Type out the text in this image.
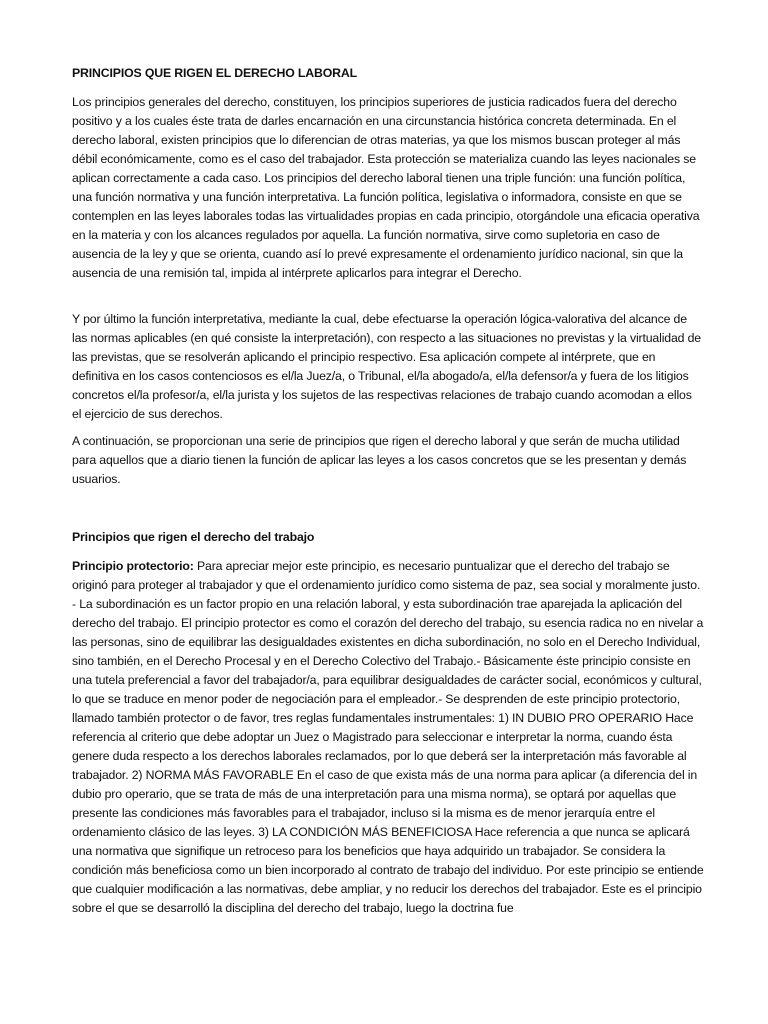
PRINCIPIOS QUE RIGEN EL DERECHO LABORAL

Los principios generales del derecho, constituyen, los principios superiores de justicia radicados fuera del derecho positivo y a los cuales éste trata de darles encarnación en una circunstancia histórica concreta determinada. En el derecho laboral, existen principios que lo diferencian de otras materias, ya que los mismos buscan proteger al más débil económicamente, como es el caso del trabajador. Esta protección se materializa cuando las leyes nacionales se aplican correctamente a cada caso. Los principios del derecho laboral tienen una triple función: una función política, una función normativa y una función interpretativa. La función política, legislativa o informadora, consiste en que se contemplen en las leyes laborales todas las virtualidades propias en cada principio, otorgándole una eficacia operativa en la materia y con los alcances regulados por aquella. La función normativa, sirve como supletoria en caso de ausencia de la ley y que se orienta, cuando así lo prevé expresamente el ordenamiento jurídico nacional, sin que la ausencia de una remisión tal, impida al intérprete aplicarlos para integrar el Derecho.

Y por último la función interpretativa, mediante la cual, debe efectuarse la operación lógica-valorativa del alcance de las normas aplicables (en qué consiste la interpretación), con respecto a las situaciones no previstas y la virtualidad de las previstas, que se resolverán aplicando el principio respectivo. Esa aplicación compete al intérprete, que en definitiva en los casos contenciosos es el/la Juez/a, o Tribunal, el/la abogado/a, el/la defensor/a y fuera de los litigios concretos el/la profesor/a, el/la jurista y los sujetos de las respectivas relaciones de trabajo cuando acomodan a ellos el ejercicio de sus derechos.

A continuación, se proporcionan una serie de principios que rigen el derecho laboral y que serán de mucha utilidad para aquellos que a diario tienen la función de aplicar las leyes a los casos concretos que se les presentan y demás usuarios.

Principios que rigen el derecho del trabajo

Principio protectorio: Para apreciar mejor este principio, es necesario puntualizar que el derecho del trabajo se originó para proteger al trabajador y que el ordenamiento jurídico como sistema de paz, sea social y moralmente justo. - La subordinación es un factor propio en una relación laboral, y esta subordinación trae aparejada la aplicación del derecho del trabajo. El principio protector es como el corazón del derecho del trabajo, su esencia radica no en nivelar a las personas, sino de equilibrar las desigualdades existentes en dicha subordinación, no solo en el Derecho Individual, sino también, en el Derecho Procesal y en el Derecho Colectivo del Trabajo.- Básicamente éste principio consiste en una tutela preferencial a favor del trabajador/a, para equilibrar desigualdades de carácter social, económicos y cultural, lo que se traduce en menor poder de negociación para el empleador.- Se desprenden de este principio protectorio, llamado también protector o de favor, tres reglas fundamentales instrumentales: 1) IN DUBIO PRO OPERARIO Hace referencia al criterio que debe adoptar un Juez o Magistrado para seleccionar e interpretar la norma, cuando ésta genere duda respecto a los derechos laborales reclamados, por lo que deberá ser la interpretación más favorable al trabajador. 2) NORMA MÁS FAVORABLE En el caso de que exista más de una norma para aplicar (a diferencia del in dubio pro operario, que se trata de más de una interpretación para una misma norma), se optará por aquellas que presente las condiciones más favorables para el trabajador, incluso si la misma es de menor jerarquía entre el ordenamiento clásico de las leyes. 3) LA CONDICIÓN MÁS BENEFICIOSA Hace referencia a que nunca se aplicará una normativa que signifique un retroceso para los beneficios que haya adquirido un trabajador. Se considera la condición más beneficiosa como un bien incorporado al contrato de trabajo del individuo. Por este principio se entiende que cualquier modificación a las normativas, debe ampliar, y no reducir los derechos del trabajador. Este es el principio sobre el que se desarrolló la disciplina del derecho del trabajo, luego la doctrina fue
